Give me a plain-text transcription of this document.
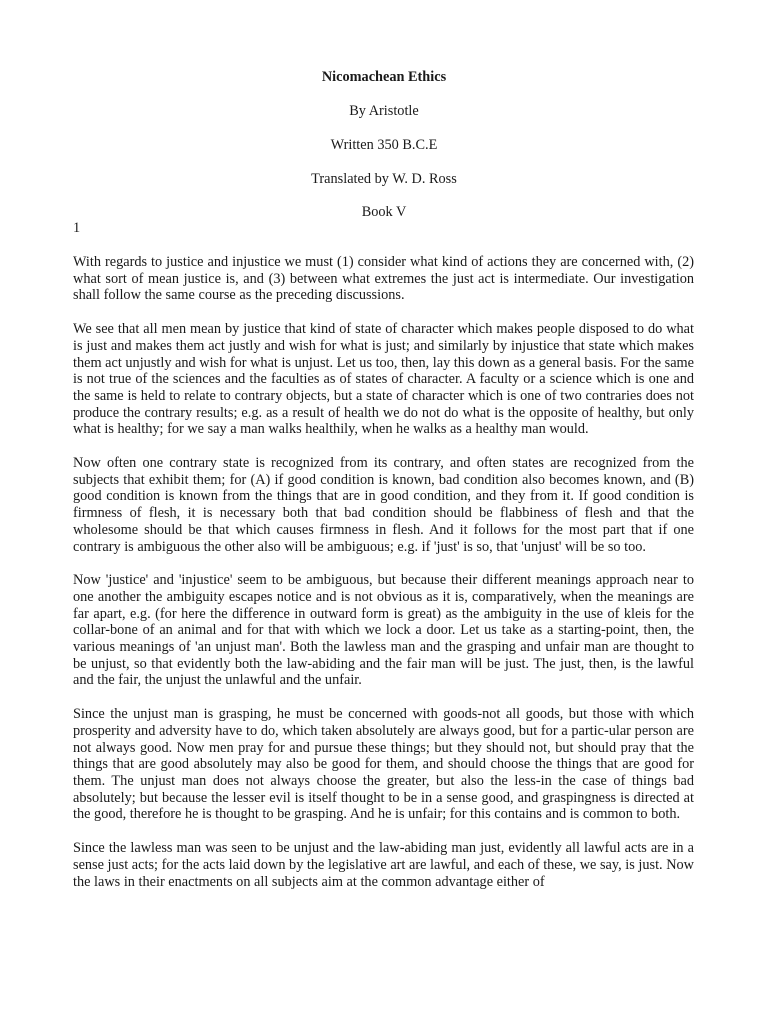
Nicomachean Ethics
By Aristotle
Written 350 B.C.E
Translated by W. D. Ross
Book V
1

With regards to justice and injustice we must (1) consider what kind of actions they are concerned with, (2) what sort of mean justice is, and (3) between what extremes the just act is intermediate. Our investigation shall follow the same course as the preceding discussions.

We see that all men mean by justice that kind of state of character which makes people disposed to do what is just and makes them act justly and wish for what is just; and similarly by injustice that state which makes them act unjustly and wish for what is unjust. Let us too, then, lay this down as a general basis. For the same is not true of the sciences and the faculties as of states of character. A faculty or a science which is one and the same is held to relate to contrary objects, but a state of character which is one of two contraries does not produce the contrary results; e.g. as a result of health we do not do what is the opposite of healthy, but only what is healthy; for we say a man walks healthily, when he walks as a healthy man would.

Now often one contrary state is recognized from its contrary, and often states are recognized from the subjects that exhibit them; for (A) if good condition is known, bad condition also becomes known, and (B) good condition is known from the things that are in good condition, and they from it. If good condition is firmness of flesh, it is necessary both that bad condition should be flabbiness of flesh and that the wholesome should be that which causes firmness in flesh. And it follows for the most part that if one contrary is ambiguous the other also will be ambiguous; e.g. if 'just' is so, that 'unjust' will be so too.

Now 'justice' and 'injustice' seem to be ambiguous, but because their different meanings approach near to one another the ambiguity escapes notice and is not obvious as it is, comparatively, when the meanings are far apart, e.g. (for here the difference in outward form is great) as the ambiguity in the use of kleis for the collar-bone of an animal and for that with which we lock a door. Let us take as a starting-point, then, the various meanings of 'an unjust man'. Both the lawless man and the grasping and unfair man are thought to be unjust, so that evidently both the law-abiding and the fair man will be just. The just, then, is the lawful and the fair, the unjust the unlawful and the unfair.

Since the unjust man is grasping, he must be concerned with goods-not all goods, but those with which prosperity and adversity have to do, which taken absolutely are always good, but for a partic-ular person are not always good. Now men pray for and pursue these things; but they should not, but should pray that the things that are good absolutely may also be good for them, and should choose the things that are good for them. The unjust man does not always choose the greater, but also the less-in the case of things bad absolutely; but because the lesser evil is itself thought to be in a sense good, and graspingness is directed at the good, therefore he is thought to be grasping. And he is unfair; for this contains and is common to both.

Since the lawless man was seen to be unjust and the law-abiding man just, evidently all lawful acts are in a sense just acts; for the acts laid down by the legislative art are lawful, and each of these, we say, is just. Now the laws in their enactments on all subjects aim at the common advantage either of
